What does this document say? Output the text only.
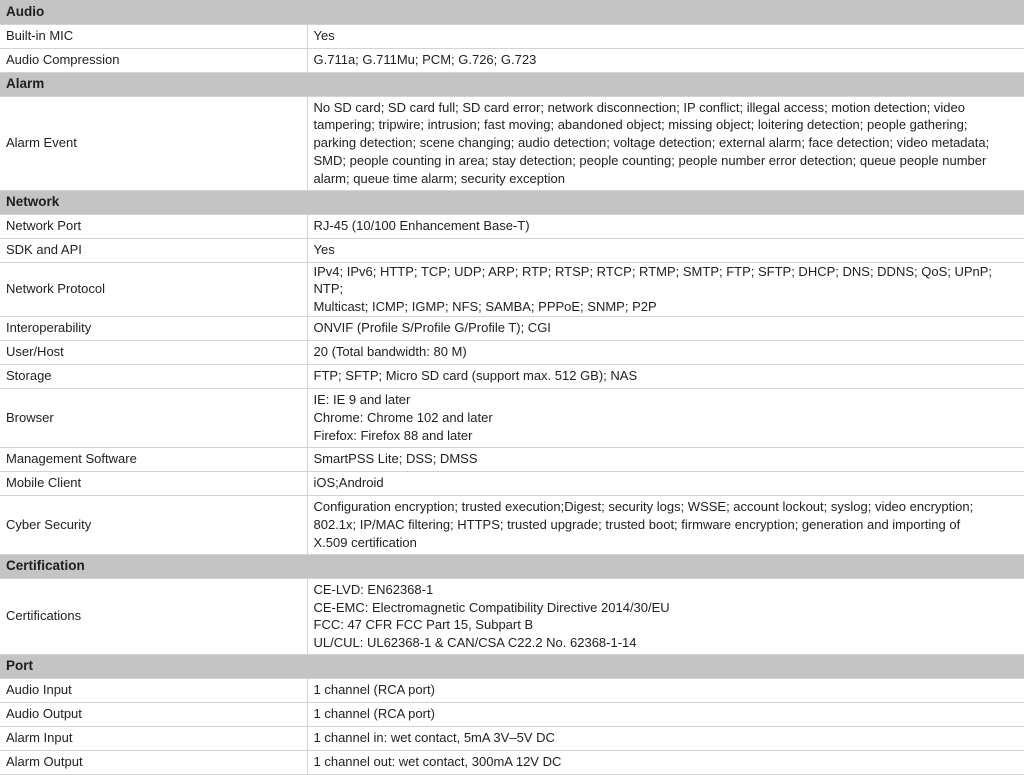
Audio	
Built-in MIC	Yes
Audio Compression	G.711a; G.711Mu; PCM; G.726; G.723
Alarm	
Alarm Event	No SD card; SD card full; SD card error; network disconnection; IP conflict; illegal access; motion detection; video
tampering; tripwire; intrusion; fast moving; abandoned object; missing object; loitering detection; people gathering;
parking detection; scene changing; audio detection; voltage detection; external alarm; face detection; video metadata;
SMD; people counting in area; stay detection; people counting; people number error detection; queue people number
alarm; queue time alarm; security exception
Network	
Network Port	RJ-45 (10/100 Enhancement Base-T)
SDK and API	Yes
Network Protocol	IPv4; IPv6; HTTP; TCP; UDP; ARP; RTP; RTSP; RTCP; RTMP; SMTP; FTP; SFTP; DHCP; DNS; DDNS; QoS; UPnP; NTP;
Multicast; ICMP; IGMP; NFS; SAMBA; PPPoE; SNMP; P2P
Interoperability	ONVIF (Profile S/Profile G/Profile T); CGI
User/Host	20 (Total bandwidth: 80 M)
Storage	FTP; SFTP; Micro SD card (support max. 512 GB); NAS
Browser	IE: IE 9 and later
Chrome: Chrome 102 and later
Firefox: Firefox 88 and later
Management Software	SmartPSS Lite; DSS; DMSS
Mobile Client	iOS;Android
Cyber Security	Configuration encryption; trusted execution;Digest; security logs; WSSE; account lockout; syslog; video encryption;
802.1x; IP/MAC filtering; HTTPS; trusted upgrade; trusted boot; firmware encryption; generation and importing of
X.509 certification
Certification	
Certifications	CE-LVD: EN62368-1
CE-EMC: Electromagnetic Compatibility Directive 2014/30/EU
FCC: 47 CFR FCC Part 15, Subpart B
UL/CUL: UL62368-1 & CAN/CSA C22.2 No. 62368-1-14
Port	
Audio Input	1 channel (RCA port)
Audio Output	1 channel (RCA port)
Alarm Input	1 channel in: wet contact, 5mA 3V–5V DC
Alarm Output	1 channel out: wet contact, 300mA 12V DC
